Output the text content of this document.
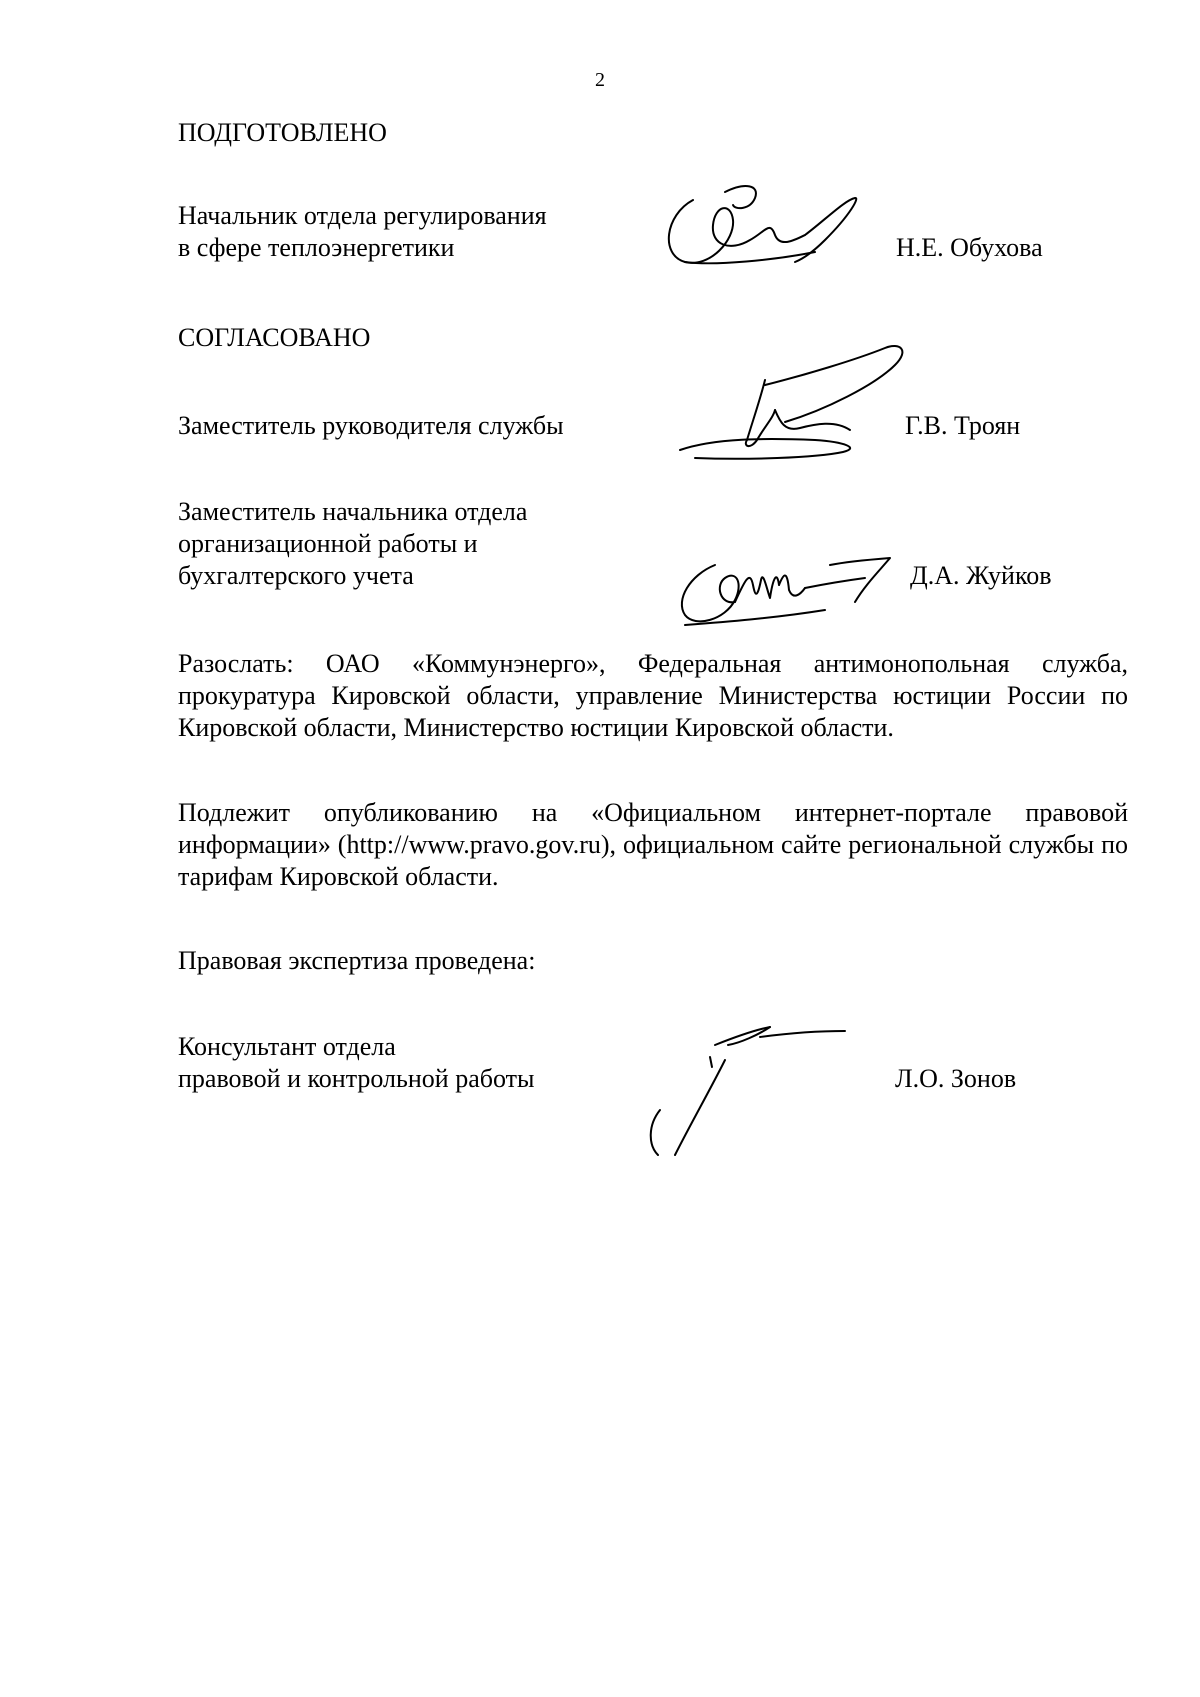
2
ПОДГОТОВЛЕНО
Начальник отдела регулирования
в сфере теплоэнергетики	Н.Е. Обухова
СОГЛАСОВАНО
Заместитель руководителя службы	Г.В. Троян
Заместитель начальника отдела
организационной работы и
бухгалтерского учета	Д.А. Жуйков
Разослать: ОАО «Коммунэнерго», Федеральная антимонопольная служба, прокуратура Кировской области, управление Министерства юстиции России по Кировской области, Министерство юстиции Кировской области.
Подлежит опубликованию на «Официальном интернет-портале правовой информации» (http://www.pravo.gov.ru), официальном сайте региональной службы по тарифам Кировской области.
Правовая экспертиза проведена:
Консультант отдела
правовой и контрольной работы	Л.О. Зонов
